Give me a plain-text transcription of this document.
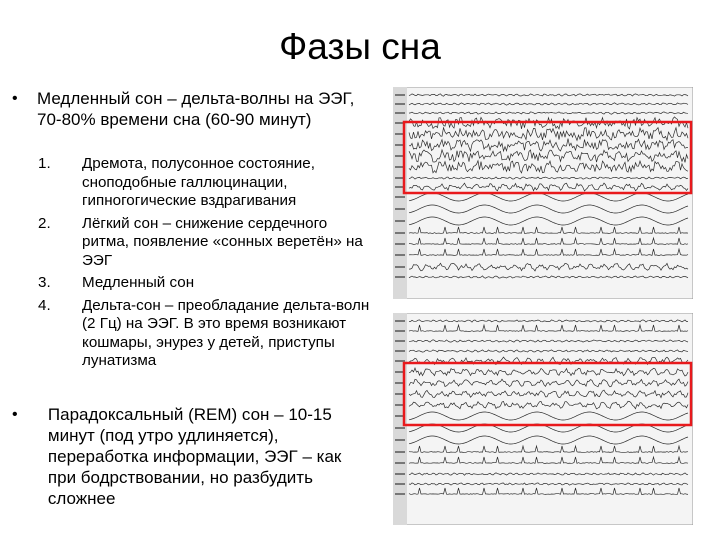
Фазы сна
•	Медленный сон – дельта-волны на ЭЭГ, 70-80% времени сна (60-90 минут)
1.	Дремота, полусонное состояние, сноподобные галлюцинации, гипногогические вздрагивания
2.	Лёгкий сон – снижение сердечного ритма, появление «сонных веретён» на ЭЭГ
3.	Медленный сон
4.	Дельта-сон – преобладание дельта-волн (2 Гц) на ЭЭГ. В это время возникают кошмары, энурез у детей, приступы лунатизма
•	Парадоксальный (REM) сон – 10-15 минут (под утро удлиняется), переработка информации, ЭЭГ – как при бодрствовании, но разбудить сложнее
